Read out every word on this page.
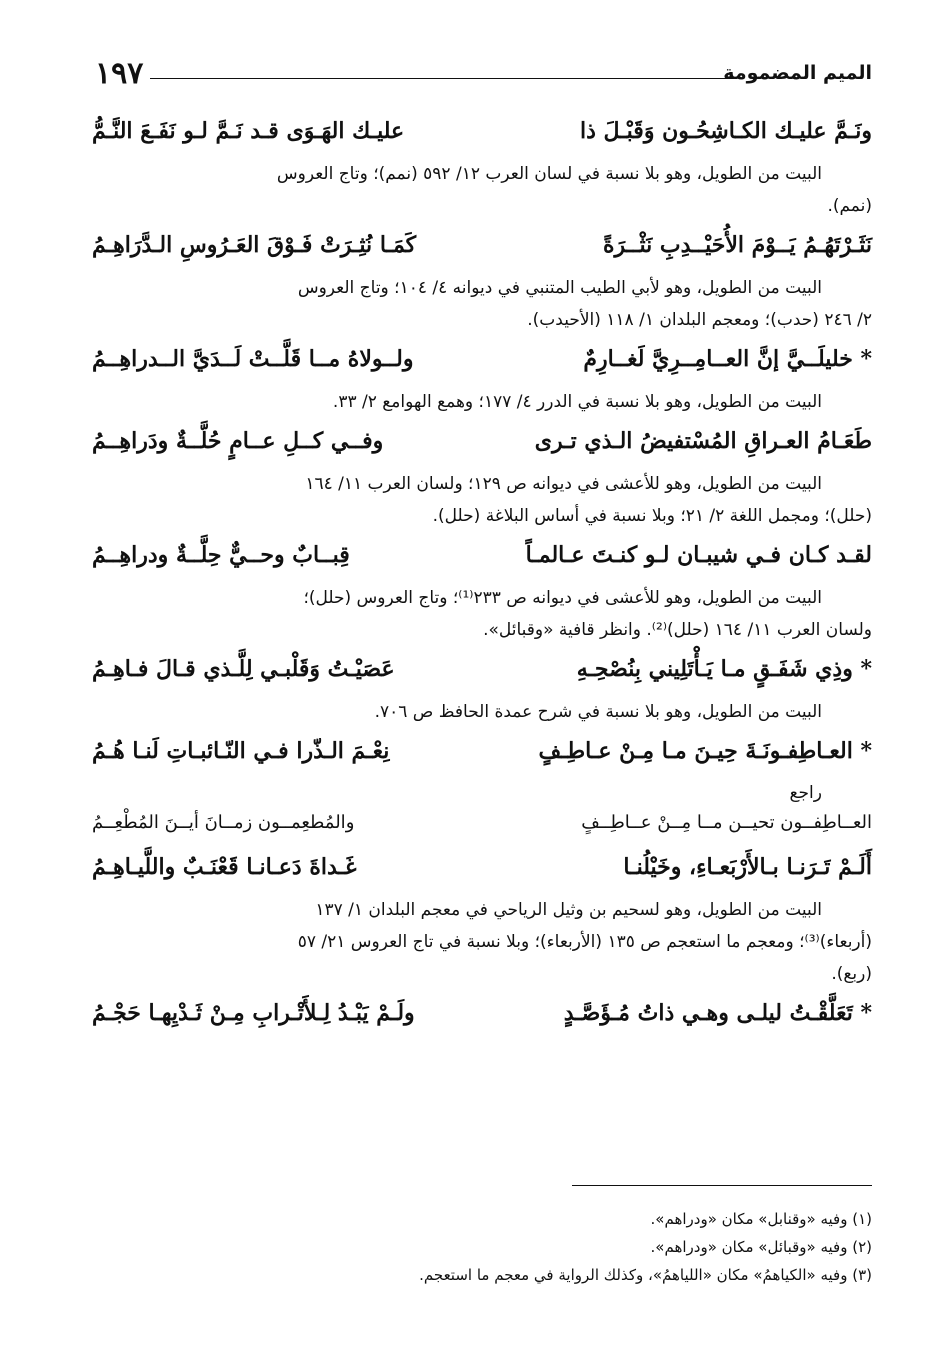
١٩٧	الميم المضمومة
ونَـمَّ عليـك الكـاشِحُـون وَقَبْـلَ ذا
عليـك الهَـوَى قـد نَـمَّ لـو نَفَـعَ النَّـمُّ
البيت من الطويل، وهو بلا نسبة في لسان العرب ١٢/ ٥٩٢ (نمم)؛ وتاج العروس
(نمم).
نَثَـرْتَهُـمُ يَــوْمَ الأُحَيْــدِبِ نَثْــرَةً
كَمَـا نُثِـرَتْ فَـوْقَ العَـرُوسِ الـدَّرَاهِـمُ
البيت من الطويل، وهو لأبي الطيب المتنبي في ديوانه ٤/ ١٠٤؛ وتاج العروس
٢/ ٢٤٦ (حدب)؛ ومعجم البلدان ١/ ١١٨ (الأحيدب).
* خليلَــيَّ إنَّ العــامِــرِيَّ لَغــارِمٌ
ولــولاهُ مــا قَلَّــتْ لَــدَيَّ الــدراهِــمُ
البيت من الطويل، وهو بلا نسبة في الدرر ٤/ ١٧٧؛ وهمع الهوامع ٢/ ٣٣.
طَعَـامُ العـراقِ المُسْتفيضُ الـذي تـرى
وفــي كــلِ عــامٍ حُلَّــةٌ ودَراهِــمُ
البيت من الطويل، وهو للأعشى في ديوانه ص ١٢٩؛ ولسان العرب ١١/ ١٦٤
(حلل)؛ ومجمل اللغة ٢/ ٢١؛ وبلا نسبة في أساس البلاغة (حلل).
لقـد كـان فـي شيبـان لـو كنـتَ عـالمـاً
قِبــابٌ وحــيٌّ حِلَّــةٌ ودراهِــمُ
البيت من الطويل، وهو للأعشى في ديوانه ص ٢٣٣⁽¹⁾؛ وتاج العروس (حلل)؛
ولسان العرب ١١/ ١٦٤ (حلل)⁽²⁾. وانظر قافية «وقبائل».
* وذِي شَفَـقٍ مـا يَـأْتَلِيني بِنُصْحِـهِ
عَصَيْـتُ وَقَلْبـي لِلَّـذي قـالَ فـاهِـمُ
البيت من الطويل، وهو بلا نسبة في شرح عمدة الحافظ ص ٧٠٦.
* العـاطِفـونَـةَ حِيـنَ مـا مِـنْ عـاطِـفٍ
نِعْـمَ الـذّرا فـي النّـائبـاتِ لَنـا هُـمُ
راجع
العــاطِفــون تحيــن مــا مِــنْ عــاطِــفٍ
والمُطعِمــون زمــانَ أيــنَ المُطْعِــمُ
أَلَـمْ تَـرَنـا بـالأَرْبَعـاءِ، وخَيْلُنـا
غَـداةَ دَعـانـا قَعْنَـبٌ واللَّيـاهِـمُ
البيت من الطويل، وهو لسحيم بن وثيل الرياحي في معجم البلدان ١/ ١٣٧
(أربعاء)⁽³⁾؛ ومعجم ما استعجم ص ١٣٥ (الأربعاء)؛ وبلا نسبة في تاج العروس ٢١/ ٥٧
(ربع).
* تَعَلَّقْـتُ ليلـى وهـي ذاتُ مُـؤَصَّـدٍ
ولَـمْ يَبْـدُ لِـلأَتْـرابِ مِـنْ ثَـدْيِهـا حَجْـمُ
(١) وفيه «وقنابل» مكان «ودراهم».
(٢) وفيه «وقبائل» مكان «ودراهم».
(٣) وفيه «الكياهمُ» مكان «اللياهمُ»، وكذلك الرواية في معجم ما استعجم.
